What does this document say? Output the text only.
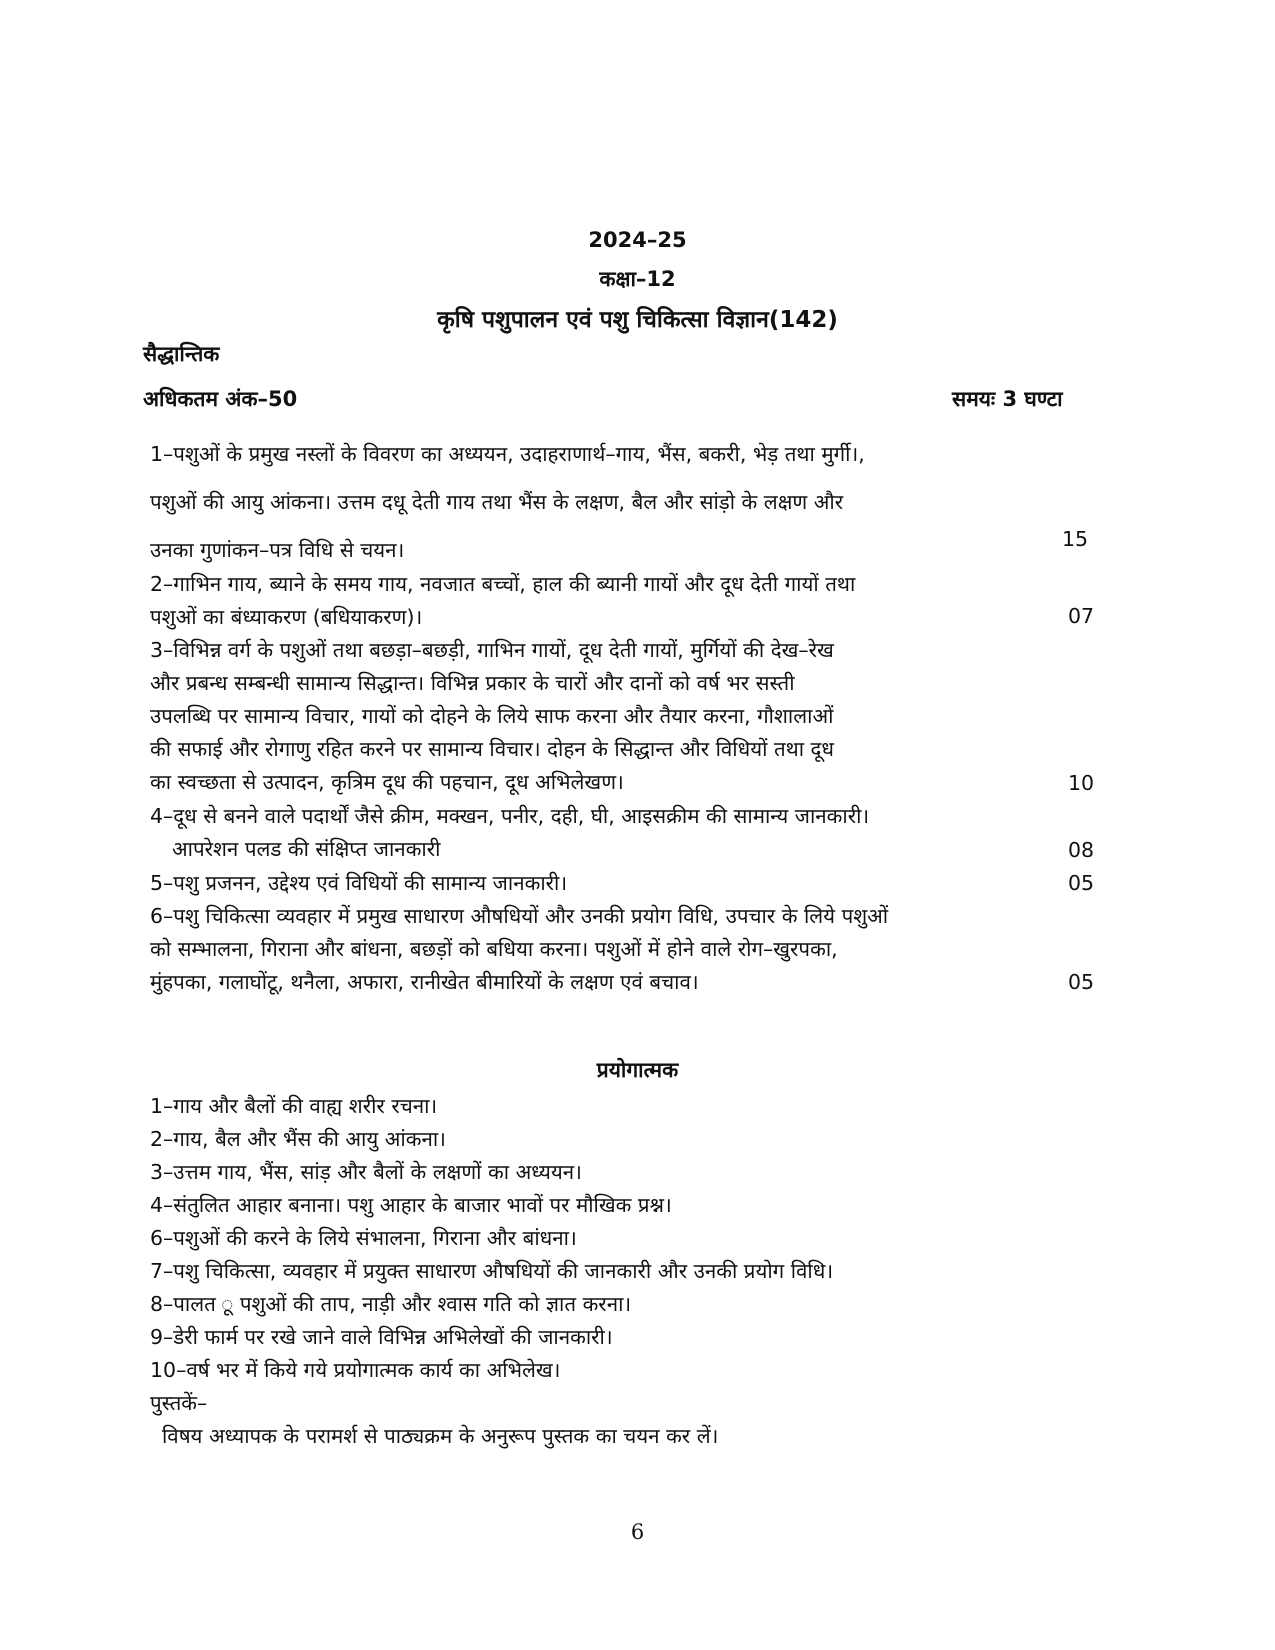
2024–25
कक्षा–12
कृषि पशुपालन एवं पशु चिकित्सा विज्ञान(142)
सैद्धान्तिक
अधिकतम अंक–50	समयः 3 घण्टा
1–पशुओं के प्रमुख नस्लों के विवरण का अध्ययन, उदाहराणार्थ–गाय, भैंस, बकरी, भेड़ तथा मुर्गी।,
पशुओं की आयु आंकना। उत्तम दधू देती गाय तथा भैंस के लक्षण, बैल और सांड़ो के लक्षण और
उनका गुणांकन–पत्र विधि से चयन।	15
2–गाभिन गाय, ब्याने के समय गाय, नवजात बच्चों, हाल की ब्यानी गायों और दूध देती गायों तथा
पशुओं का बंध्याकरण (बधियाकरण)।	07
3–विभिन्न वर्ग के पशुओं तथा बछड़ा–बछड़ी, गाभिन गायों, दूध देती गायों, मुर्गियों की देख–रेख
और प्रबन्ध सम्बन्धी सामान्य सिद्धान्त। विभिन्न प्रकार के चारों और दानों को वर्ष भर सस्ती
उपलब्धि पर सामान्य विचार, गायों को दोहने के लिये साफ करना और तैयार करना, गौशालाओं
की सफाई और रोगाणु रहित करने पर सामान्य विचार। दोहन के सिद्धान्त और विधियों तथा दूध
का स्वच्छता से उत्पादन, कृत्रिम दूध की पहचान, दूध अभिलेखण।	10
4–दूध से बनने वाले पदार्थों जैसे क्रीम, मक्खन, पनीर, दही, घी, आइसक्रीम की सामान्य जानकारी।
आपरेशन पलड की संक्षिप्त जानकारी	08
5–पशु प्रजनन, उद्देश्य एवं विधियों की सामान्य जानकारी।	05
6–पशु चिकित्सा व्यवहार में प्रमुख साधारण औषधियों और उनकी प्रयोग विधि, उपचार के लिये पशुओं
को सम्भालना, गिराना और बांधना, बछड़ों को बधिया करना। पशुओं में होने वाले रोग–खुरपका,
मुंहपका, गलाघोंटू, थनैला, अफारा, रानीखेत बीमारियों के लक्षण एवं बचाव।	05
प्रयोगात्मक
1–गाय और बैलों की वाह्य शरीर रचना।
2–गाय, बैल और भैंस की आयु आंकना।
3–उत्तम गाय, भैंस, सांड़ और बैलों के लक्षणों का अध्ययन।
4–संतुलित आहार बनाना। पशु आहार के बाजार भावों पर मौखिक प्रश्न।
6–पशुओं की करने के लिये संभालना, गिराना और बांधना।
7–पशु चिकित्सा, व्यवहार में प्रयुक्त साधारण औषधियों की जानकारी और उनकी प्रयोग विधि।
8–पालत ू पशुओं की ताप, नाड़ी और श्वास गति को ज्ञात करना।
9–डेरी फार्म पर रखे जाने वाले विभिन्न अभिलेखों की जानकारी।
10–वर्ष भर में किये गये प्रयोगात्मक कार्य का अभिलेख।
पुस्तकें–
विषय अध्यापक के परामर्श से पाठ्यक्रम के अनुरूप पुस्तक का चयन कर लें।
6
